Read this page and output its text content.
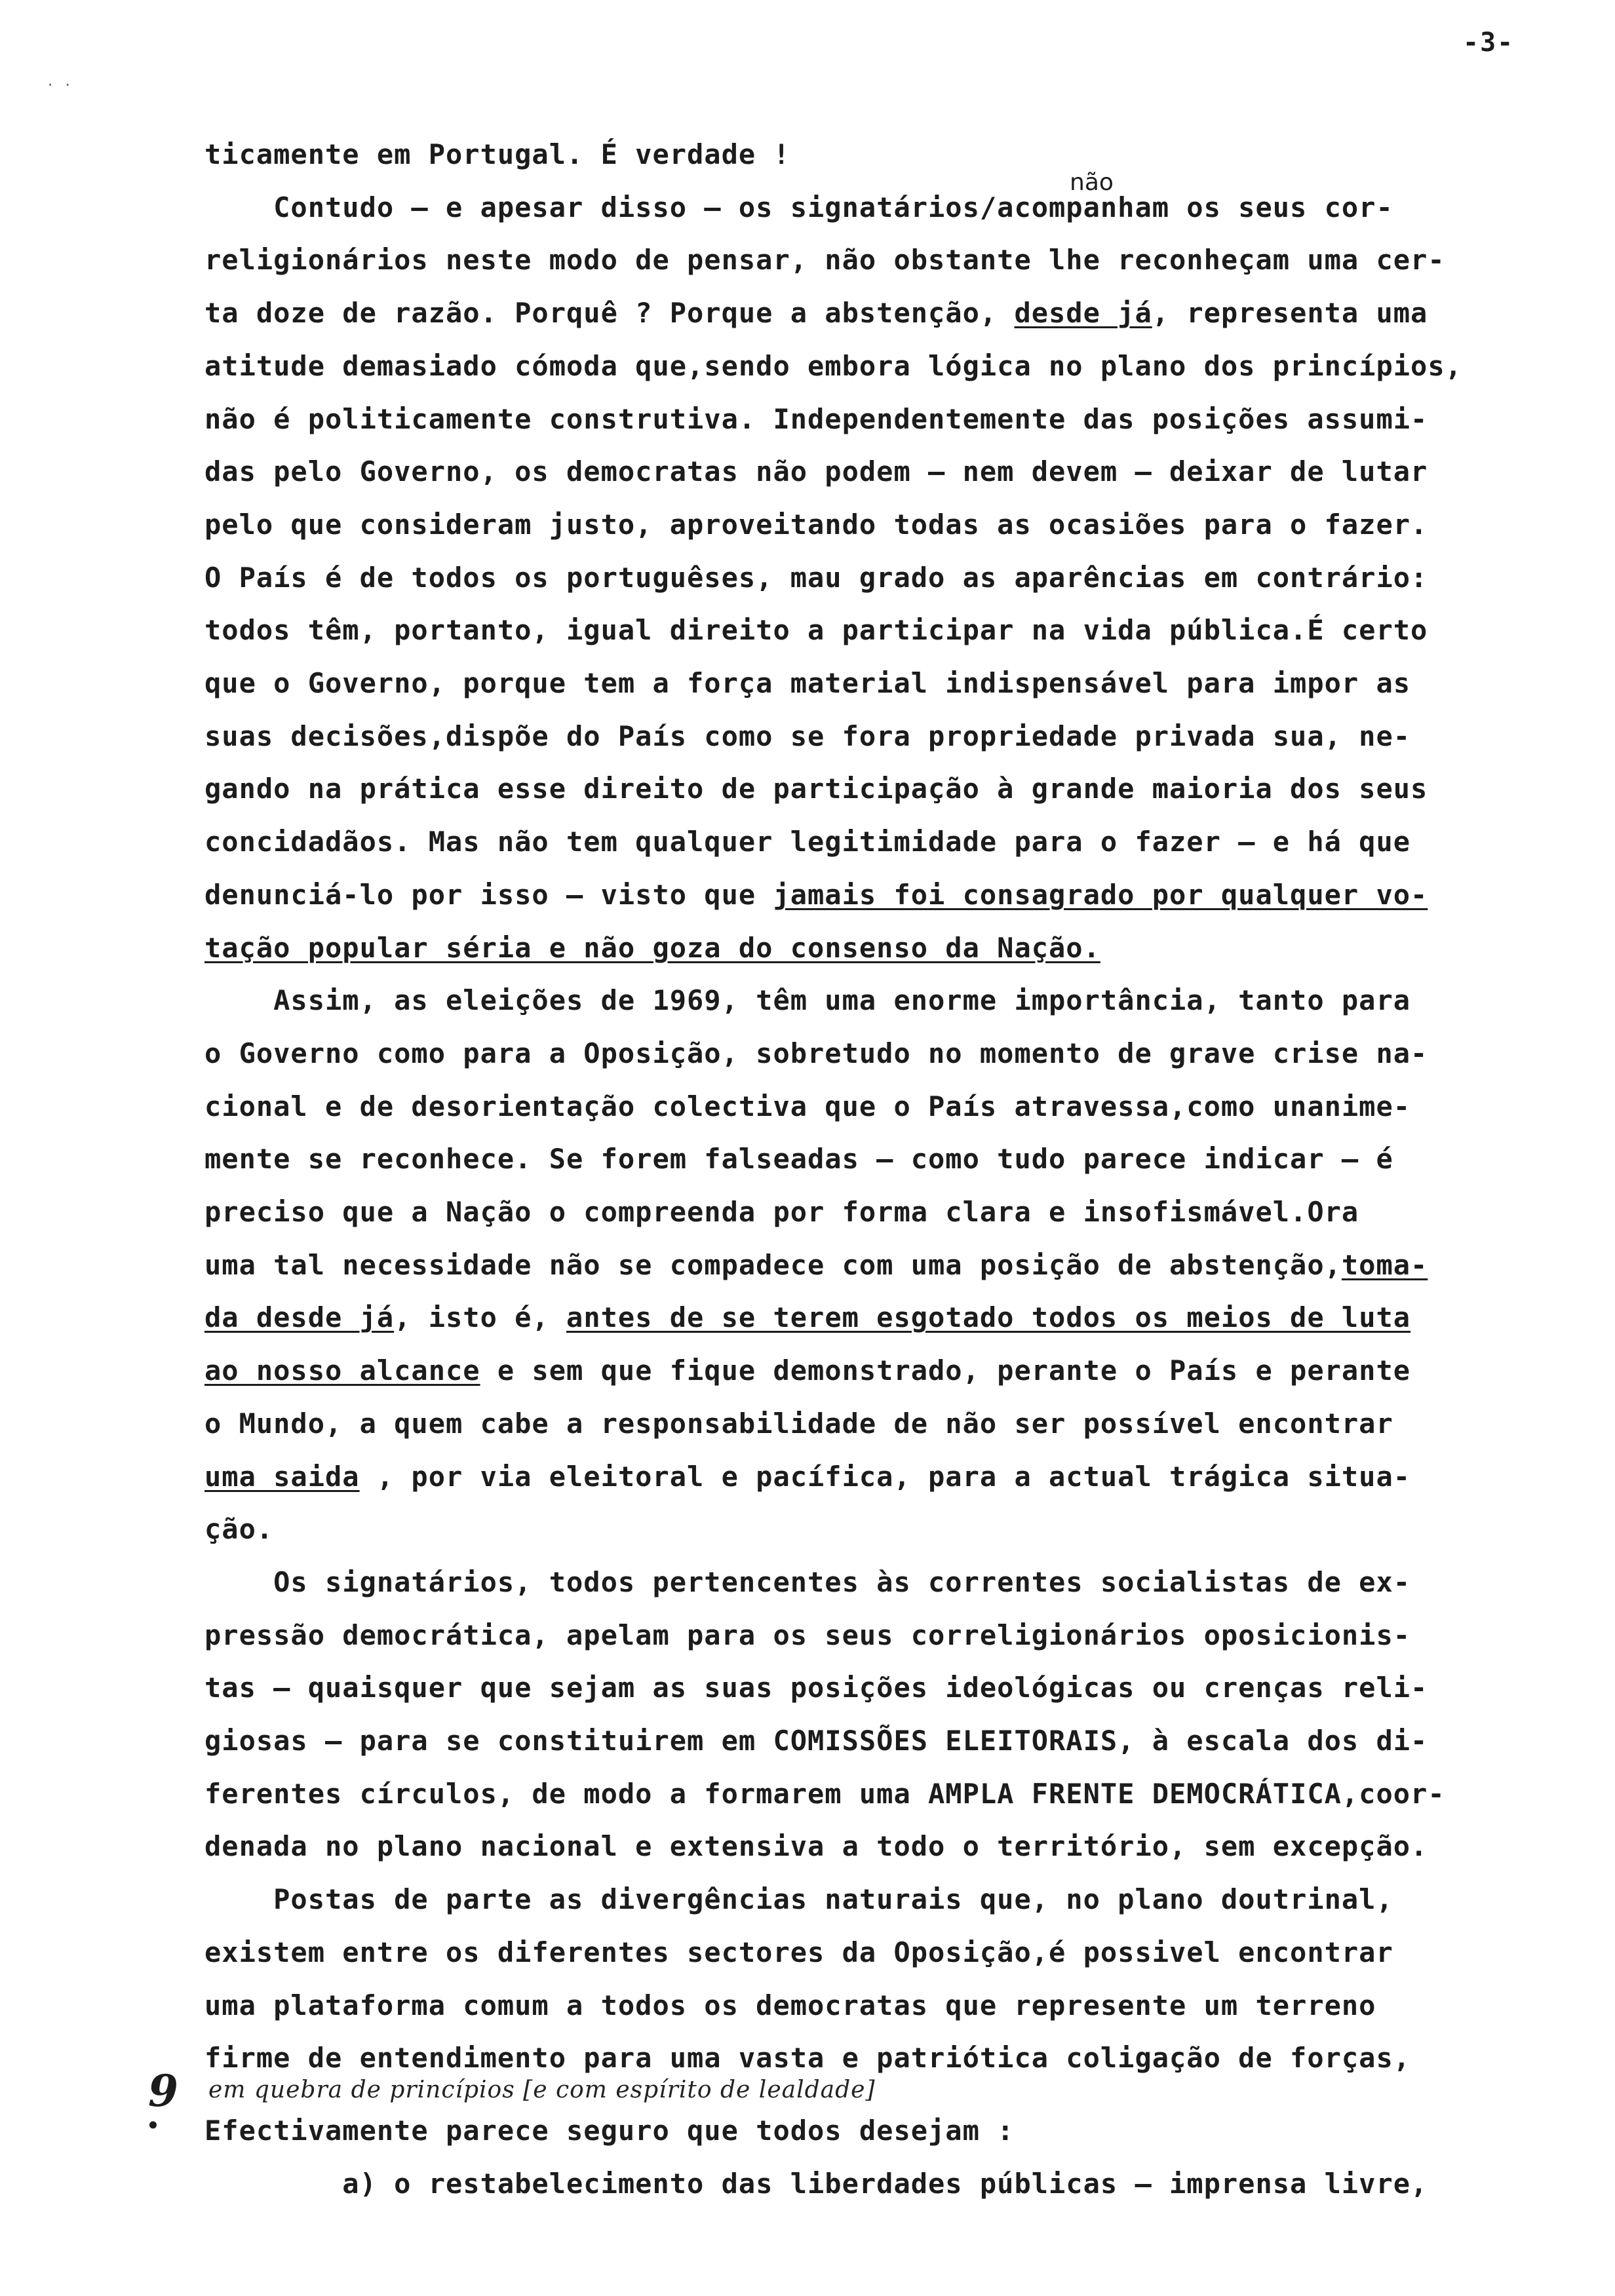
-3-
· ·
não
ticamente em Portugal. É verdade !
Contudo – e apesar disso – os signatários/acompanham os seus cor-
religionários neste modo de pensar, não obstante lhe reconheçam uma cer-
ta doze de razão. Porquê ? Porque a abstenção, desde já, representa uma
atitude demasiado cómoda que,sendo embora lógica no plano dos princípios,
não é politicamente construtiva. Independentemente das posições assumi-
das pelo Governo, os democratas não podem – nem devem – deixar de lutar
pelo que consideram justo, aproveitando todas as ocasiões para o fazer.
O País é de todos os portuguêses, mau grado as aparências em contrário:
todos têm, portanto, igual direito a participar na vida pública.É certo
que o Governo, porque tem a força material indispensável para impor as
suas decisões,dispõe do País como se fora propriedade privada sua, ne-
gando na prática esse direito de participação à grande maioria dos seus
concidadãos. Mas não tem qualquer legitimidade para o fazer – e há que
denunciá-lo por isso – visto que jamais foi consagrado por qualquer vo-
tação popular séria e não goza do consenso da Nação.
Assim, as eleições de 1969, têm uma enorme importância, tanto para
o Governo como para a Oposição, sobretudo no momento de grave crise na-
cional e de desorientação colectiva que o País atravessa,como unanime-
mente se reconhece. Se forem falseadas – como tudo parece indicar – é
preciso que a Nação o compreenda por forma clara e insofismável.Ora
uma tal necessidade não se compadece com uma posição de abstenção,toma-
da desde já, isto é, antes de se terem esgotado todos os meios de luta
ao nosso alcance e sem que fique demonstrado, perante o País e perante
o Mundo, a quem cabe a responsabilidade de não ser possível encontrar
uma saida , por via eleitoral e pacífica, para a actual trágica situa-
ção.
Os signatários, todos pertencentes às correntes socialistas de ex-
pressão democrática, apelam para os seus correligionários oposicionis-
tas – quaisquer que sejam as suas posições ideológicas ou crenças reli-
giosas – para se constituirem em COMISSÕES ELEITORAIS, à escala dos di-
ferentes círculos, de modo a formarem uma AMPLA FRENTE DEMOCRÁTICA,coor-
denada no plano nacional e extensiva a todo o território, sem excepção.
Postas de parte as divergências naturais que, no plano doutrinal,
existem entre os diferentes sectores da Oposição,é possivel encontrar
uma plataforma comum a todos os democratas que represente um terreno
firme de entendimento para uma vasta e patriótica coligação de forças,
Efectivamente parece seguro que todos desejam :
a) o restabelecimento das liberdades públicas – imprensa livre,
9
•
em quebra de princípios [e com espírito de lealdade]
